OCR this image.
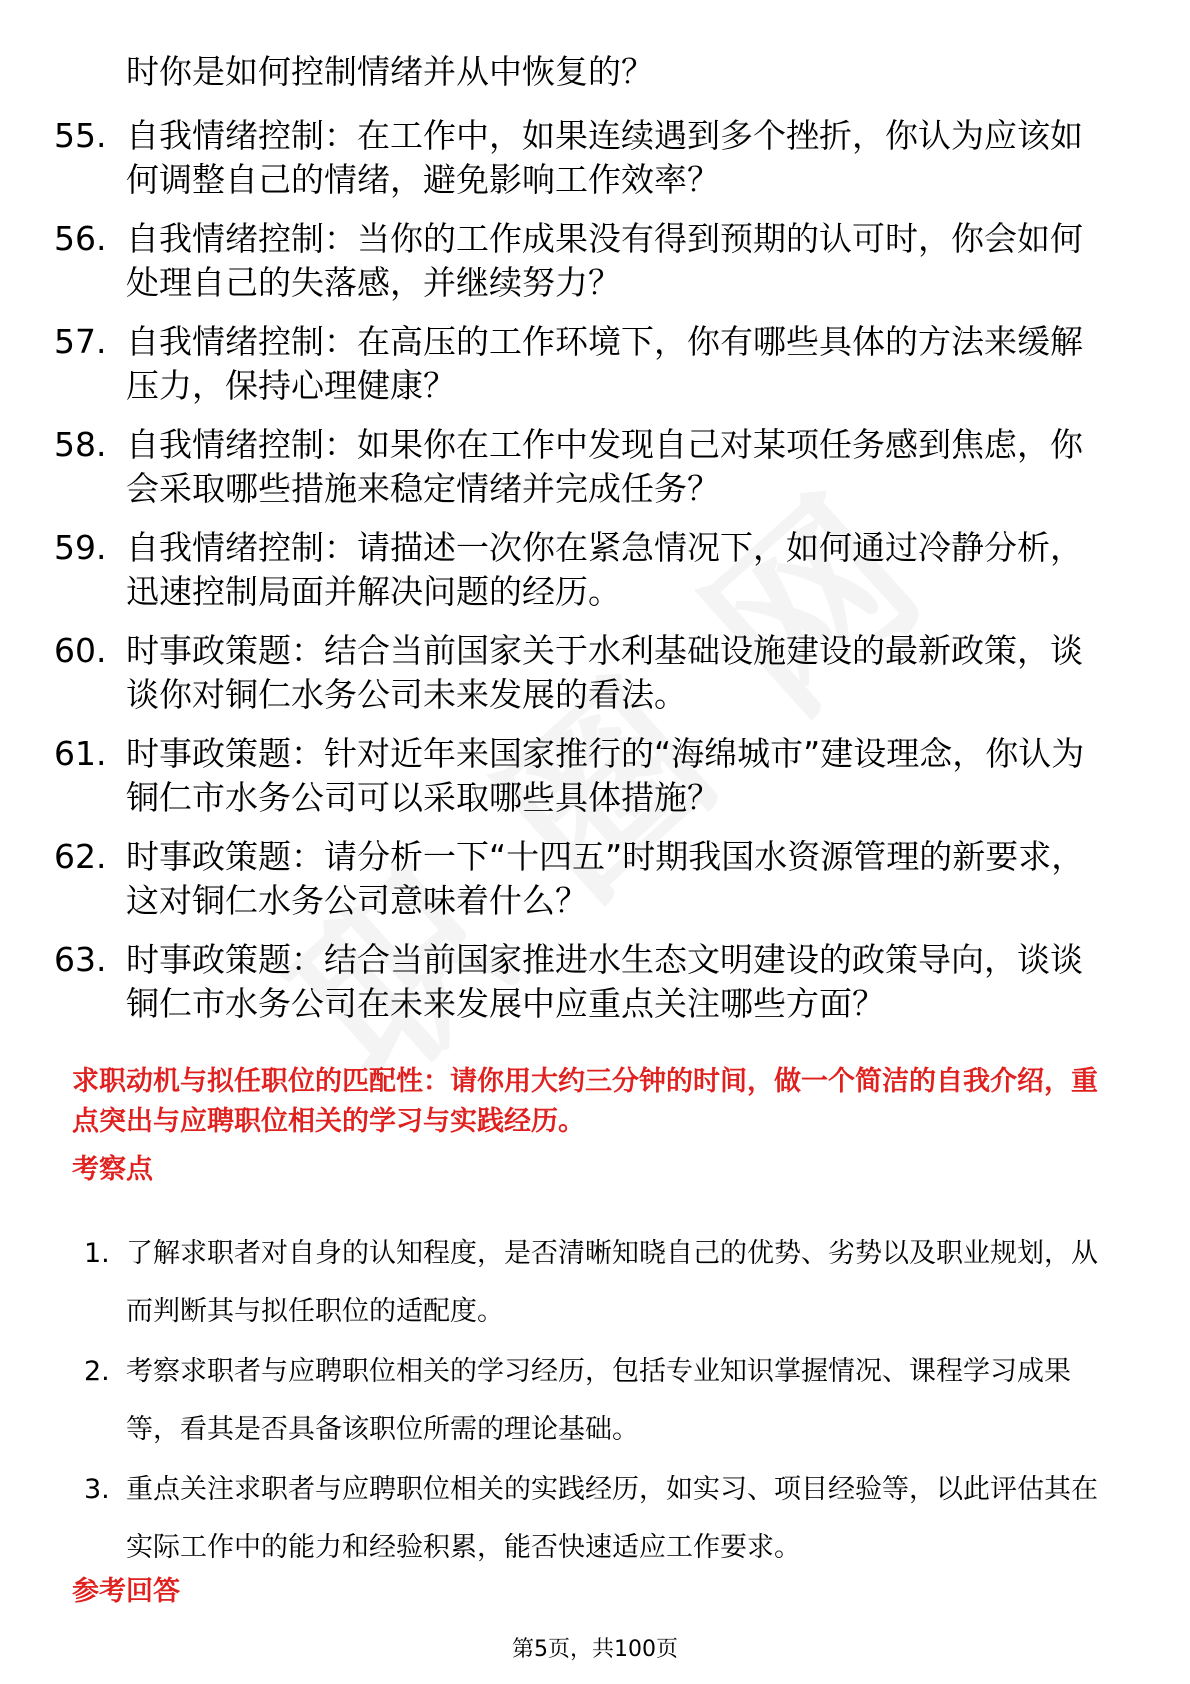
时你是如何控制情绪并从中恢复的？
55. 自我情绪控制：在工作中，如果连续遇到多个挫折，你认为应该如何调整自己的情绪，避免影响工作效率？
56. 自我情绪控制：当你的工作成果没有得到预期的认可时，你会如何处理自己的失落感，并继续努力？
57. 自我情绪控制：在高压的工作环境下，你有哪些具体的方法来缓解压力，保持心理健康？
58. 自我情绪控制：如果你在工作中发现自己对某项任务感到焦虑，你会采取哪些措施来稳定情绪并完成任务？
59. 自我情绪控制：请描述一次你在紧急情况下，如何通过冷静分析，迅速控制局面并解决问题的经历。
60. 时事政策题：结合当前国家关于水利基础设施建设的最新政策，谈谈你对铜仁水务公司未来发展的看法。
61. 时事政策题：针对近年来国家推行的“海绵城市”建设理念，你认为铜仁市水务公司可以采取哪些具体措施？
62. 时事政策题：请分析一下“十四五”时期我国水资源管理的新要求，这对铜仁水务公司意味着什么？
63. 时事政策题：结合当前国家推进水生态文明建设的政策导向，谈谈铜仁市水务公司在未来发展中应重点关注哪些方面？
求职动机与拟任职位的匹配性：请你用大约三分钟的时间，做一个简洁的自我介绍，重点突出与应聘职位相关的学习与实践经历。
考察点
1. 了解求职者对自身的认知程度，是否清晰知晓自己的优势、劣势以及职业规划，从而判断其与拟任职位的适配度。
2. 考察求职者与应聘职位相关的学习经历，包括专业知识掌握情况、课程学习成果等，看其是否具备该职位所需的理论基础。
3. 重点关注求职者与应聘职位相关的实践经历，如实习、项目经验等，以此评估其在实际工作中的能力和经验积累，能否快速适应工作要求。
参考回答
第5页，共100页
